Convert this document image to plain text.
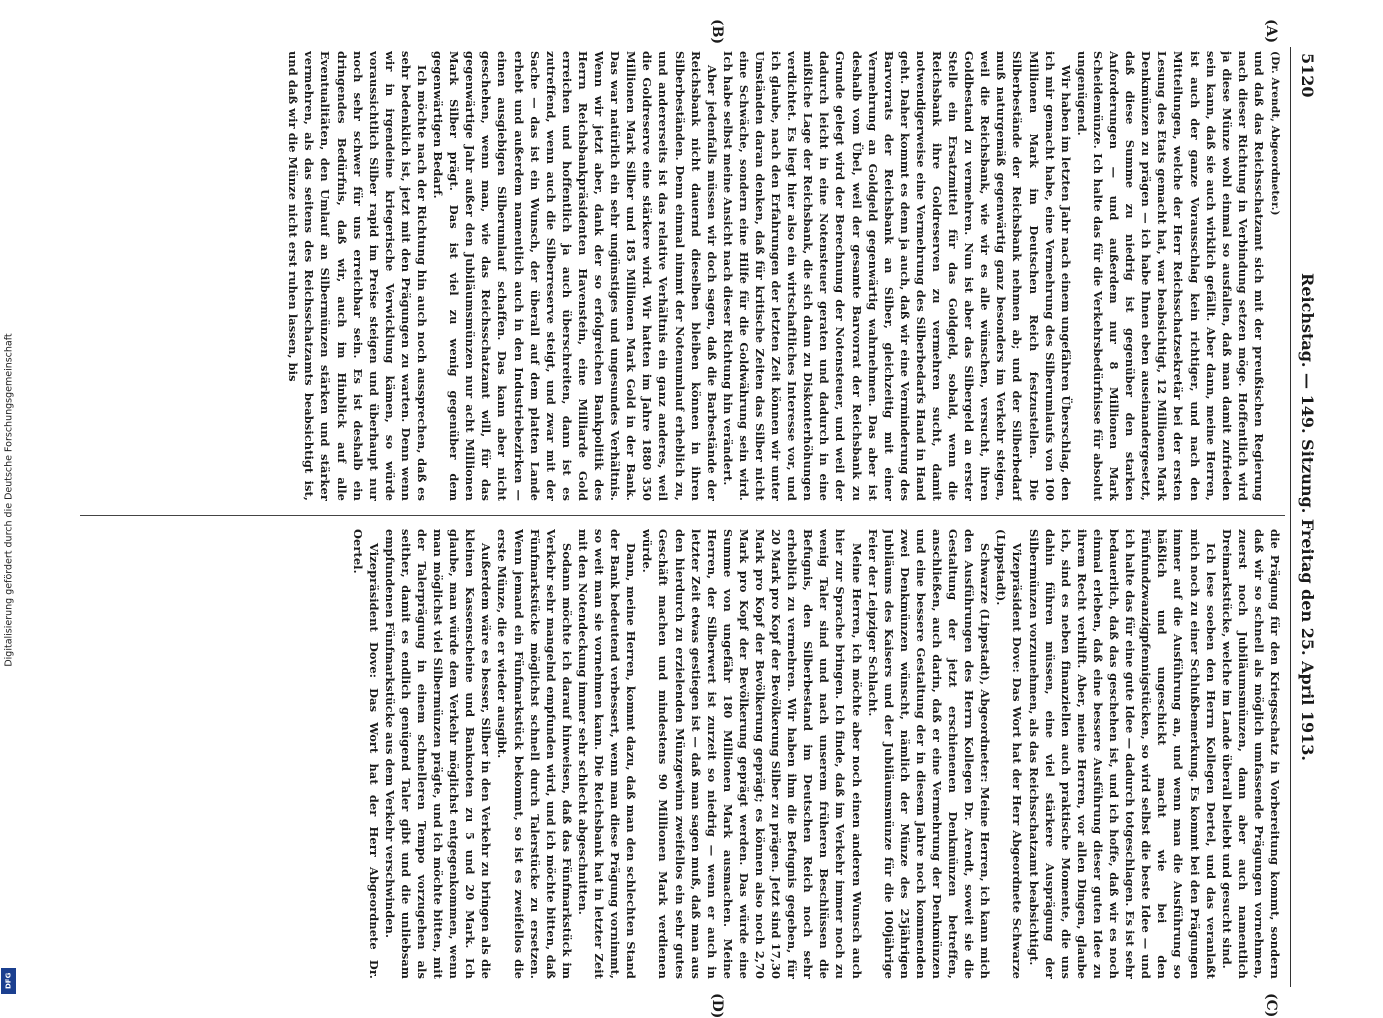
Digitalisierung gefördert durch die Deutsche Forschungsgemeinschaft
DFG
5120
Reichstag. — 149. Sitzung. Freitag den 25. April 1913.
(A)
(B)
(C)
(D)

(Dr. Arendt, Abgeordneter.)

und daß das Reichsschatzamt sich mit der preußischen Regierung nach dieser Richtung in Verbindung setzen möge. Hoffentlich wird ja diese Münze wohl einmal so ausfallen, daß man damit zufrieden sein kann, daß sie auch wirklich gefällt. Aber dann, meine Herren, ist auch der ganze Vorausschlag kein richtiger, und nach den Mitteilungen, welche der Herr Reichsschatzsekretär bei der ersten Lesung des Etats gemacht hat, war beabsichtigt, 12 Millionen Mark Denkmünzen zu prägen — ich habe Ihnen eben auseinandergesetzt, daß diese Summe zu niedrig ist gegenüber den starken Anforderungen — und außerdem nur 8 Millionen Mark Scheidemünze. Ich halte das für die Verkehrsbedürfnisse für absolut ungenügend.

Wir haben im letzten Jahr nach einem ungefähren Überschlag, den ich mir gemacht habe, eine Vermehrung des Silberumlaufs von 100 Millionen Mark im Deutschen Reich festzustellen. Die Silberbestände der Reichsbank nehmen ab; und der Silberbedarf muß naturgemäß gegenwärtig ganz besonders im Verkehr steigen, weil die Reichsbank, wie wir es alle wünschen, versucht, ihren Goldbestand zu vermehren. Nun ist aber das Silbergeld an erster Stelle ein Ersatzmittel für das Goldgeld, sobald, wenn die Reichsbank ihre Goldreserven zu vermehren sucht, damit notwendigerweise eine Vermehrung des Silberbedarfs Hand in Hand geht. Daher kommt es denn ja auch, daß wir eine Verminderung des Barvorrats der Reichsbank an Silber, gleichzeitig mit einer Vermehrung an Goldgeld gegenwärtig wahrnehmen. Das aber ist deshalb vom Übel, weil der gesamte Barvorrat der Reichsbank zu Grunde gelegt wird der Berechnung der Notensteuer, und weil der dadurch leicht in eine Notensteuer geraten und dadurch in eine mißliche Lage der Reichsbank, die sich dann zu Diskonterhöhungen verdichtet. Es liegt hier also ein wirtschaftliches Interesse vor, und ich glaube, nach den Erfahrungen der letzten Zeit können wir unter Umständen daran denken, daß für kritische Zeiten das Silber nicht eine Schwäche, sondern eine Hilfe für die Goldwährung sein wird. Ich habe selbst meine Ansicht nach dieser Richtung hin verändert.

Aber jedenfalls müssen wir doch sagen, daß die Barbestände der Reichsbank nicht dauernd dieselben bleiben können in ihren Silberbeständen. Denn einmal nimmt der Notenumlauf erheblich zu, und andererseits ist das relative Verhältnis ein ganz anderes, weil die Goldreserve eine stärkere wird. Wir hatten im Jahre 1880 350 Millionen Mark Silber und 185 Millionen Mark Gold in der Bank. Das war natürlich ein sehr ungünstiges und ungesundes Verhältnis. Wenn wir jetzt aber, dank der so erfolgreichen Bankpolitik des Herrn Reichsbankpräsidenten Havenstein, eine Milliarde Gold erreichen und hoffentlich ja auch überschreiten, dann ist es zutreffend, wenn auch die Silberreserve steigt, und zwar mit der Sache — das ist ein Wunsch, der überall auf dem platten Lande erhebt und außerdem namentlich auch in den Industriebezirken — einen ausgiebigen Silberumlauf schaffen. Das kann aber nicht geschehen, wenn man, wie das Reichsschatzamt will, für das gegenwärtige Jahr außer den Jubiläumsmünzen nur acht Millionen Mark Silber prägt. Das ist viel zu wenig gegenüber dem gegenwärtigen Bedarf.

Ich möchte nach der Richtung hin auch noch aussprechen, daß es sehr bedenklich ist, jetzt mit den Prägungen zu warten. Denn wenn wir in irgendeine kriegerische Verwicklung kämen, so würde voraussichtlich Silber rapid im Preise steigen und überhaupt nur noch sehr schwer für uns erreichbar sein. Es ist deshalb ein dringendes Bedürfnis, daß wir, auch im Hinblick auf alle Eventualitäten, den Umlauf an Silbermünzen stärken und stärker vermehren, als das seitens des Reichsschatzamts beabsichtigt ist, und daß wir die Münze nicht erst ruhen lassen, bis

die Prägung für den Kriegsschatz in Vorbereitung kommt, sondern daß wir so schnell als möglich umfassende Prägungen vornehmen, zuerst noch Jubiläumsmünzen, dann aber auch namentlich Dreimarkstücke, welche im Lande überall beliebt und gesucht sind.

Ich lese soeben den Herrn Kollegen Dertel, und das veranlaßt mich noch zu einer Schlußbemerkung. Es kommt bei den Prägungen immer auf die Ausführung an, und wenn man die Ausführung so häßlich und ungeschickt macht wie bei den Fünfundzwanzigpfennigstücken, so wird selbst die beste Idee — und ich halte das für eine gute Idee — dadurch totgeschlagen. Es ist sehr bedauerlich, daß das geschehen ist, und ich hoffe, daß wir es noch einmal erleben, daß eine bessere Ausführung dieser guten Idee zu ihrem Recht verhilft. Aber, meine Herren, vor allen Dingen, glaube ich, sind es neben finanziellen auch praktische Momente, die uns dahin führen müssen, eine viel stärkere Ausprägung der Silbermünzen vorzunehmen, als das Reichsschatzamt beabsichtigt.

Vizepräsident Dove: Das Wort hat der Herr Abgeordnete Schwarze (Lippstadt).

Schwarze (Lippstadt), Abgeordneter: Meine Herren, ich kann mich den Ausführungen des Herrn Kollegen Dr. Arendt, soweit sie die Gestaltung der jetzt erschienenen Denkmünzen betreffen, anschließen, auch darin, daß er eine Vermehrung der Denkmünzen und eine bessere Gestaltung der in diesem Jahre noch kommenden zwei Denkmünzen wünscht, nämlich der Münze des 25jährigen Jubiläums des Kaisers und der Jubiläumsmünze für die 100jährige Feier der Leipziger Schlacht.

Meine Herren, ich möchte aber noch einen anderen Wunsch auch hier zur Sprache bringen. Ich finde, daß im Verkehr immer noch zu wenig Taler sind und nach unserem früheren Beschlüssen die Befugnis, den Silberbestand im Deutschen Reich noch sehr erheblich zu vermehren. Wir haben ihm die Befugnis gegeben, für 20 Mark pro Kopf der Bevölkerung Silber zu prägen. Jetzt sind 17,30 Mark pro Kopf der Bevölkerung geprägt; es können also noch 2,70 Mark pro Kopf der Bevölkerung geprägt werden. Das würde eine Summe von ungefähr 180 Millionen Mark ausmachen. Meine Herren, der Silberwert ist zurzeit so niedrig — wenn er auch in letzter Zeit etwas gestiegen ist — daß man sagen muß, daß man aus den hierdurch zu erzielenden Münzgewinn zweifellos ein sehr gutes Geschäft machen und mindestens 90 Millionen Mark verdienen würde.

Dann, meine Herren, kommt dazu, daß man den schlechten Stand der Bank bedeutend verbessert, wenn man diese Prägung vornimmt, so weit man sie vornehmen kann. Die Reichsbank hat in letzter Zeit mit den Notendeckung immer sehr schlecht abgeschnitten.

Sodann möchte ich darauf hinweisen, daß das Fünfmarkstück im Verkehr sehr mangelnd empfunden wird, und ich möchte bitten, daß Fünfmarkstücke möglichst schnell durch Talerstücke zu ersetzen. Wenn jemand ein Fünfmarkstück bekommt, so ist es zweifellos die erste Münze, die er wieder ausgibt.

Außerdem wäre es besser, Silber in den Verkehr zu bringen als die kleinen Kassenscheine und Banknoten zu 5 und 20 Mark. Ich glaube, man würde dem Verkehr möglichst entgegenkommen, wenn man möglichst viel Silbermünzen prägte, und ich möchte bitten, mit der Talerprägung in einem schnelleren Tempo vorzugehen als seither, damit es endlich genügend Taler gibt und die unliebsam empfundenen Fünfmarkstücke aus dem Verkehr verschwinden.

Vizepräsident Dove: Das Wort hat der Herr Abgeordnete Dr. Oertel.
